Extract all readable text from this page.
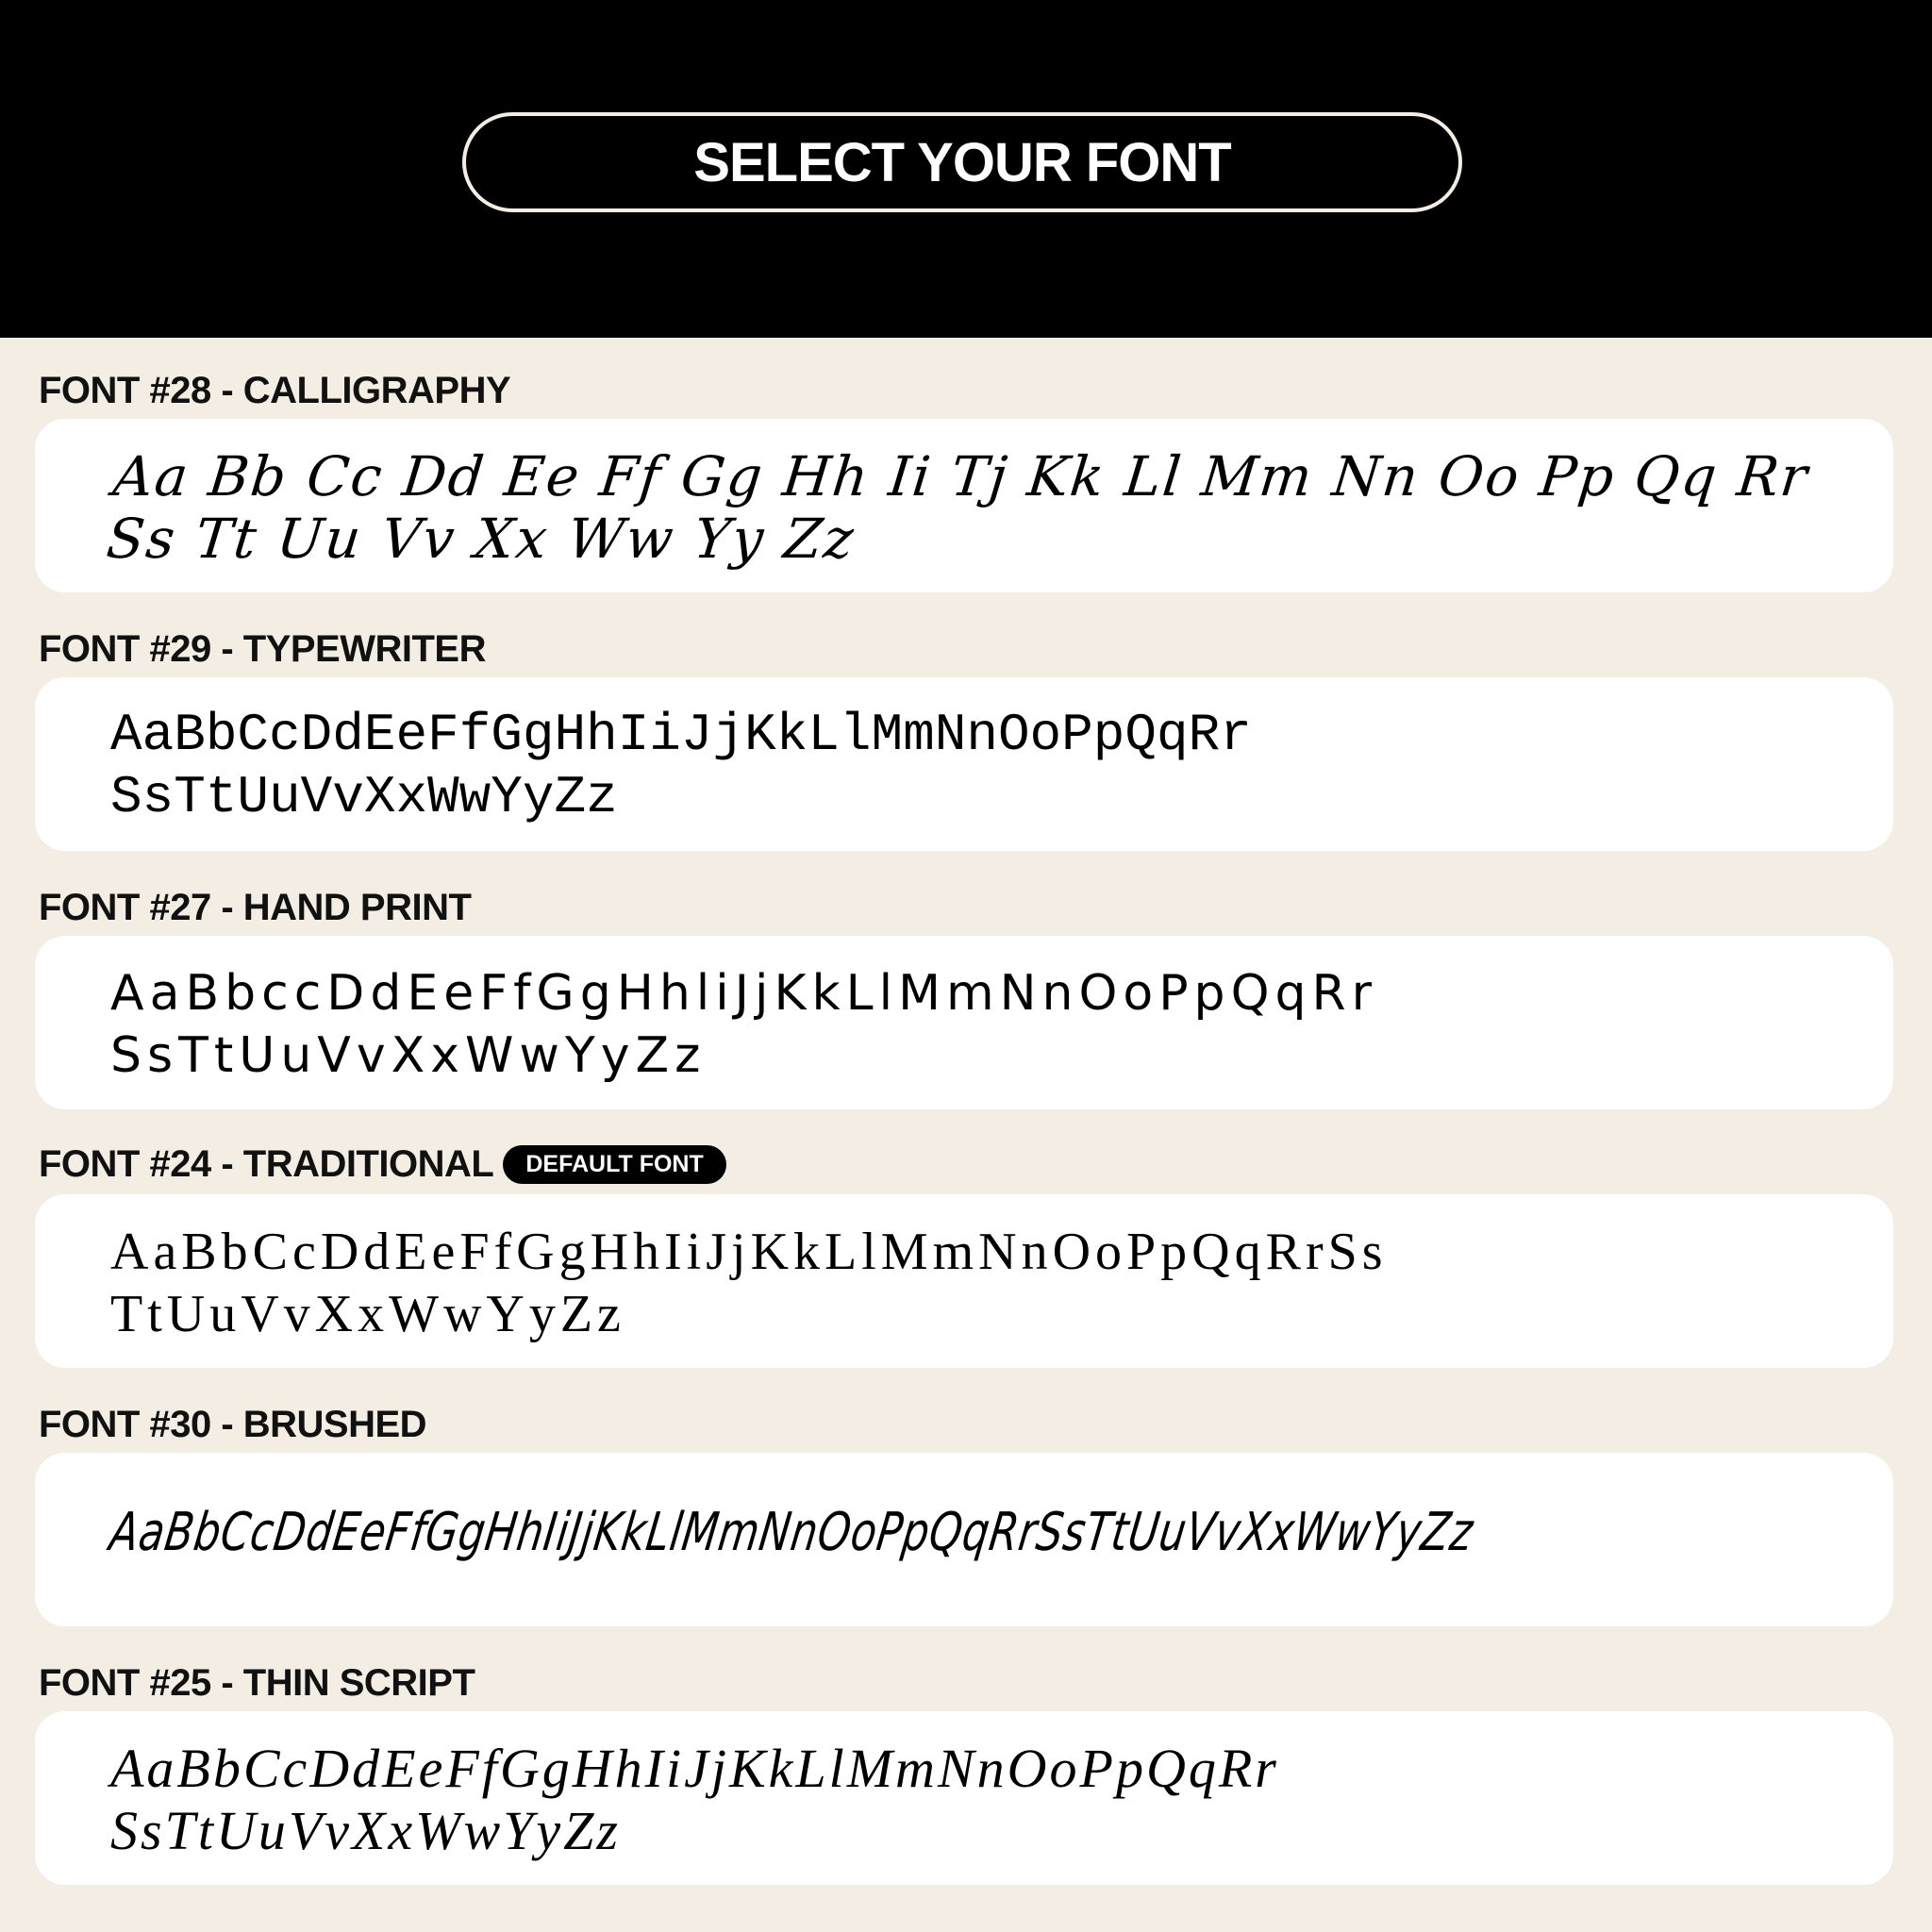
SELECT YOUR FONT
FONT #28 - CALLIGRAPHY
Aa Bb Cc Dd Ee Ff Gg Hh Ii Tj Kk Ll Mm Nn Oo Pp Qq Rr
Ss Tt Uu Vv Xx Ww Yy Zz
FONT #29 - TYPEWRITER
AaBbCcDdEeFfGgHhIiJjKkLlMmNnOoPpQqRr
SsTtUuVvXxWwYyZz
FONT #27 - HAND PRINT
AaBbccDdEeFfGgHhliJjKkLlMmNnOoPpQqRr
SsTtUuVvXxWwYyZz
FONT #24 - TRADITIONAL	DEFAULT FONT
AaBbCcDdEeFfGgHhIiJjKkLlMmNnOoPpQqRrSs
TtUuVvXxWwYyZz
FONT #30 - BRUSHED
AaBbCcDdEeFfGgHhIiJjKkLlMmNnOoPpQqRrSsTtUuVvXxWwYyZz
FONT #25 - THIN SCRIPT
AaBbCcDdEeFfGgHhIiJjKkLlMmNnOoPpQqRr
SsTtUuVvXxWwYyZz
